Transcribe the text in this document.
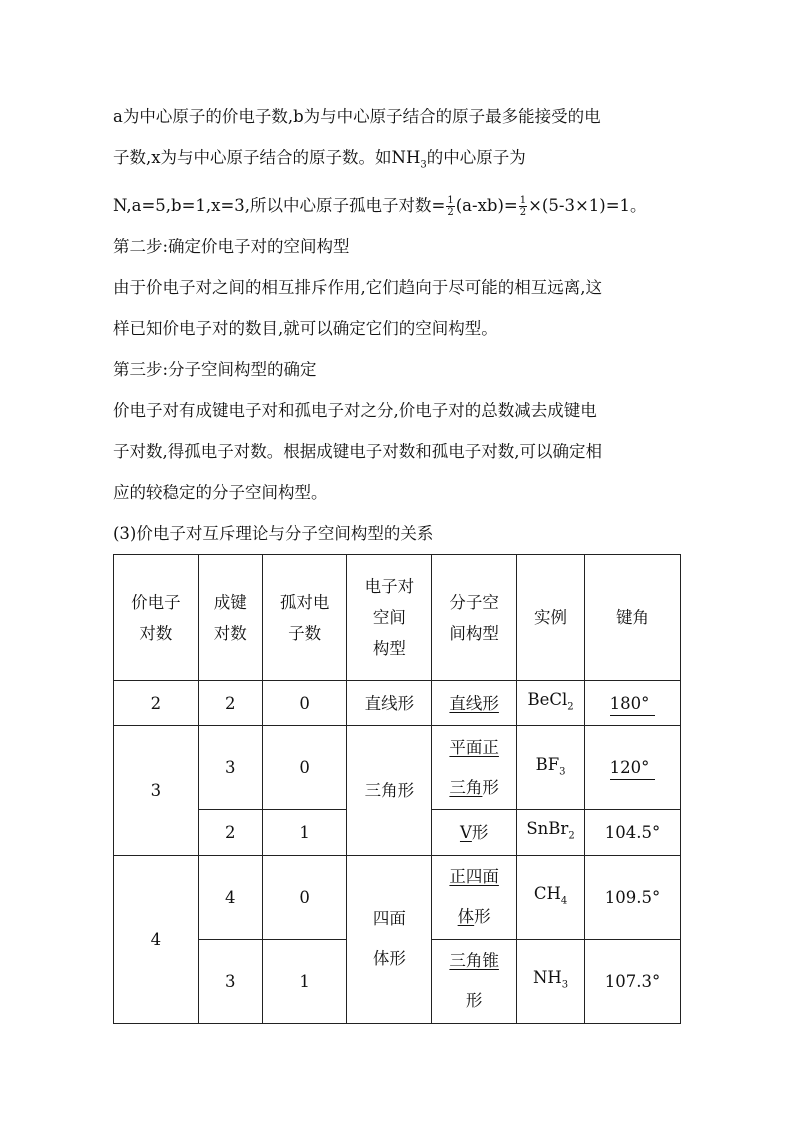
a为中心原子的价电子数,b为与中心原子结合的原子最多能接受的电

子数,x为与中心原子结合的原子数。如$NH_3$的中心原子为

N,a=5,b=1,x=3,所以中心原子孤电子对数= $\frac{1}{2} (a-xb)= \frac{1}{2} \times(5-3\times 1)=1$。

第二步:确定价电子对的空间构型

由于价电子对之间的相互排斥作用,它们趋向于尽可能的相互远离,这

样已知价电子对的数目,就可以确定它们的空间构型。

第三步:分子空间构型的确定

价电子对有成键电子对和孤电子对之分,价电子对的总数减去成键电

子对数,得孤电子对数。根据成键电子对数和孤电子对数,可以确定相

应的较稳定的分子空间构型。

(3)价电子对互斥理论与分子空间构型的关系

价电子
对数	成键
对数	孤对电
子数	电子对
空间
构型	分子空
间构型	实例	键角
2	2	0	直线形	直线形	BeCl$_2$	180°
3	3	0	三角形	平面正
三角形	$BF_3$	120°
	2	1		V形	SnBr$_2$	104.5°
4	4	0	四面
体形	正四面
体形	$CH_4$	109.5°
	3	1		三角锥
形	$NH_3$	107.3°
